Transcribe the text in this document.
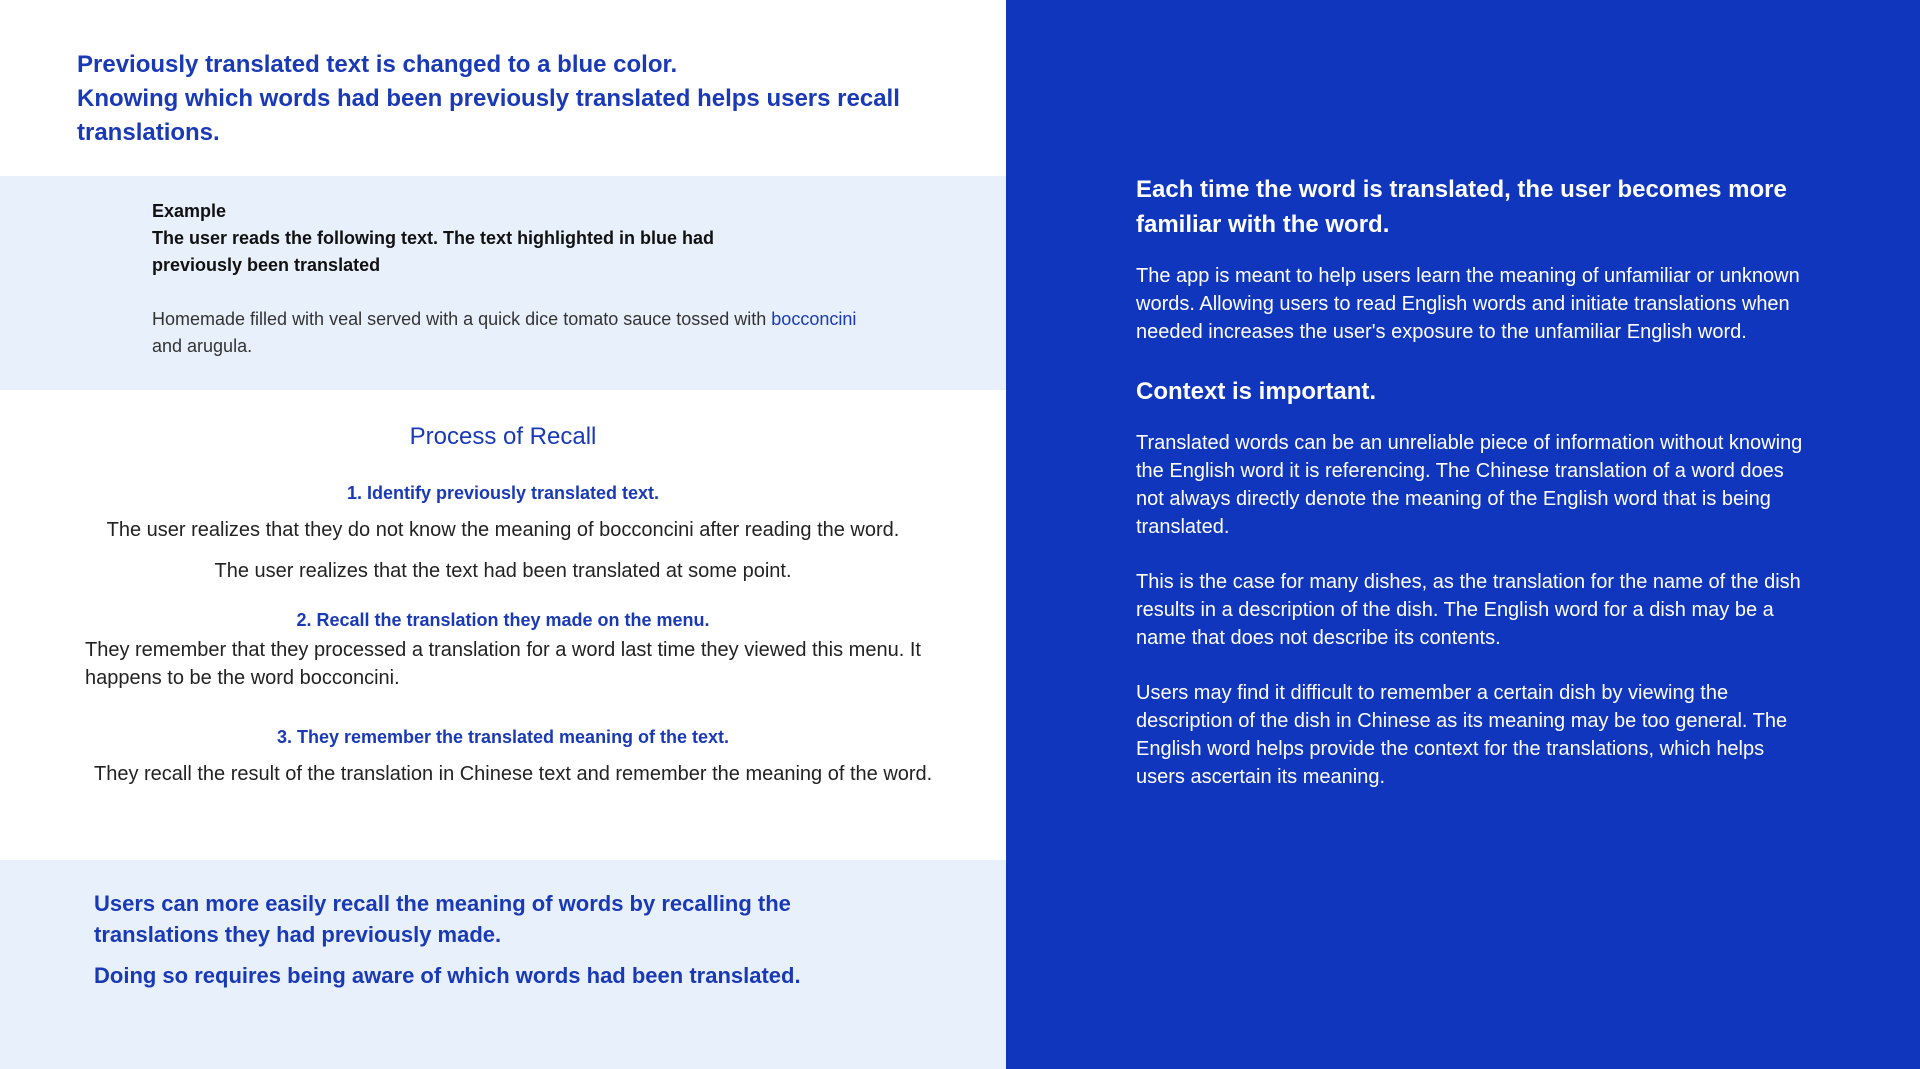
Previously translated text is changed to a blue color.

Knowing which words had been previously translated helps users recall translations.

Example
The user reads the following text. The text highlighted in blue had previously been translated
Homemade filled with veal served with a quick dice tomato sauce tossed with bocconcini and arugula.
Process of Recall
1. Identify previously translated text.
The user realizes that they do not know the meaning of bocconcini after reading the word.
The user realizes that the text had been translated at some point.
2. Recall the translation they made on the menu.
They remember that they processed a translation for a word last time they viewed this menu. It happens to be the word bocconcini.
3. They remember the translated meaning of the text.
They recall the result of the translation in Chinese text and remember the meaning of the word.

Users can more easily recall the meaning of words by recalling the translations they had previously made.

Doing so requires being aware of which words had been translated.

Each time the word is translated, the user becomes more familiar with the word.

The app is meant to help users learn the meaning of unfamiliar or unknown words. Allowing users to read English words and initiate translations when needed increases the user's exposure to the unfamiliar English word.

Context is important.

Translated words can be an unreliable piece of information without knowing the English word it is referencing. The Chinese translation of a word does not always directly denote the meaning of the English word that is being translated.

This is the case for many dishes, as the translation for the name of the dish results in a description of the dish. The English word for a dish may be a name that does not describe its contents.

Users may find it difficult to remember a certain dish by viewing the description of the dish in Chinese as its meaning may be too general. The English word helps provide the context for the translations, which helps users ascertain its meaning.
